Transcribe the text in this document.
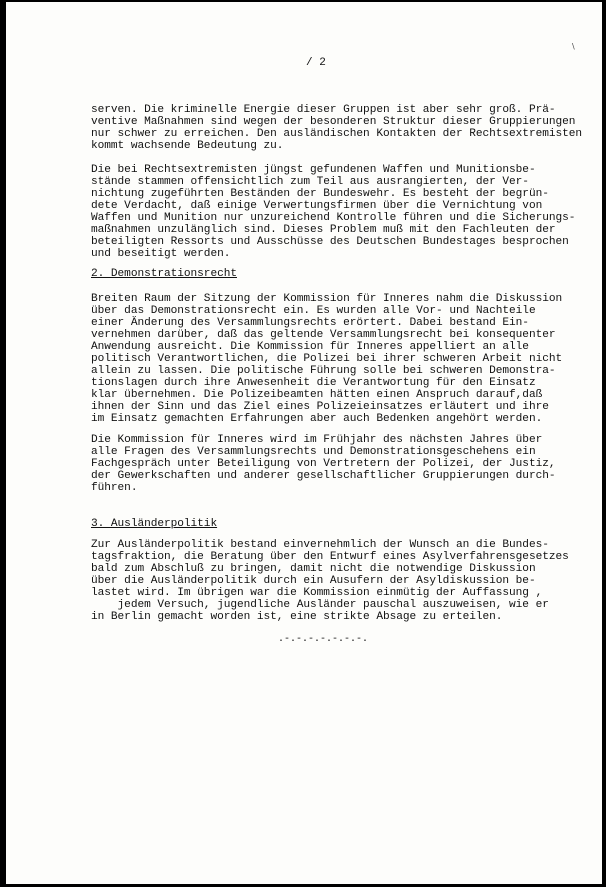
/ 2
\
serven. Die kriminelle Energie dieser Gruppen ist aber sehr groß. Prä-
ventive Maßnahmen sind wegen der besonderen Struktur dieser Gruppierungen
nur schwer zu erreichen. Den ausländischen Kontakten der Rechtsextremisten
kommt wachsende Bedeutung zu.
Die bei Rechtsextremisten jüngst gefundenen Waffen und Munitionsbe-
stände stammen offensichtlich zum Teil aus ausrangierten, der Ver-
nichtung zugeführten Beständen der Bundeswehr. Es besteht der begrün-
dete Verdacht, daß einige Verwertungsfirmen über die Vernichtung von
Waffen und Munition nur unzureichend Kontrolle führen und die Sicherungs-
maßnahmen unzulänglich sind. Dieses Problem muß mit den Fachleuten der
beteiligten Ressorts und Ausschüsse des Deutschen Bundestages besprochen
und beseitigt werden.
2. Demonstrationsrecht
Breiten Raum der Sitzung der Kommission für Inneres nahm die Diskussion
über das Demonstrationsrecht ein. Es wurden alle Vor- und Nachteile
einer Änderung des Versammlungsrechts erörtert. Dabei bestand Ein-
vernehmen darüber, daß das geltende Versammlungsrecht bei konsequenter
Anwendung ausreicht. Die Kommission für Inneres appelliert an alle
politisch Verantwortlichen, die Polizei bei ihrer schweren Arbeit nicht
allein zu lassen. Die politische Führung solle bei schweren Demonstra-
tionslagen durch ihre Anwesenheit die Verantwortung für den Einsatz
klar übernehmen. Die Polizeibeamten hätten einen Anspruch darauf,daß
ihnen der Sinn und das Ziel eines Polizeieinsatzes erläutert und ihre
im Einsatz gemachten Erfahrungen aber auch Bedenken angehört werden.
Die Kommission für Inneres wird im Frühjahr des nächsten Jahres über
alle Fragen des Versammlungsrechts und Demonstrationsgeschehens ein
Fachgespräch unter Beteiligung von Vertretern der Polizei, der Justiz,
der Gewerkschaften und anderer gesellschaftlicher Gruppierungen durch-
führen.
3. Ausländerpolitik
Zur Ausländerpolitik bestand einvernehmlich der Wunsch an die Bundes-
tagsfraktion, die Beratung über den Entwurf eines Asylverfahrensgesetzes
bald zum Abschluß zu bringen, damit nicht die notwendige Diskussion
über die Ausländerpolitik durch ein Ausufern der Asyldiskussion be-
lastet wird. Im übrigen war die Kommission einmütig der Auffassung ,
jedem Versuch, jugendliche Ausländer pauschal auszuweisen, wie er
in Berlin gemacht worden ist, eine strikte Absage zu erteilen.
.-.-.-.-.-.-.-.
